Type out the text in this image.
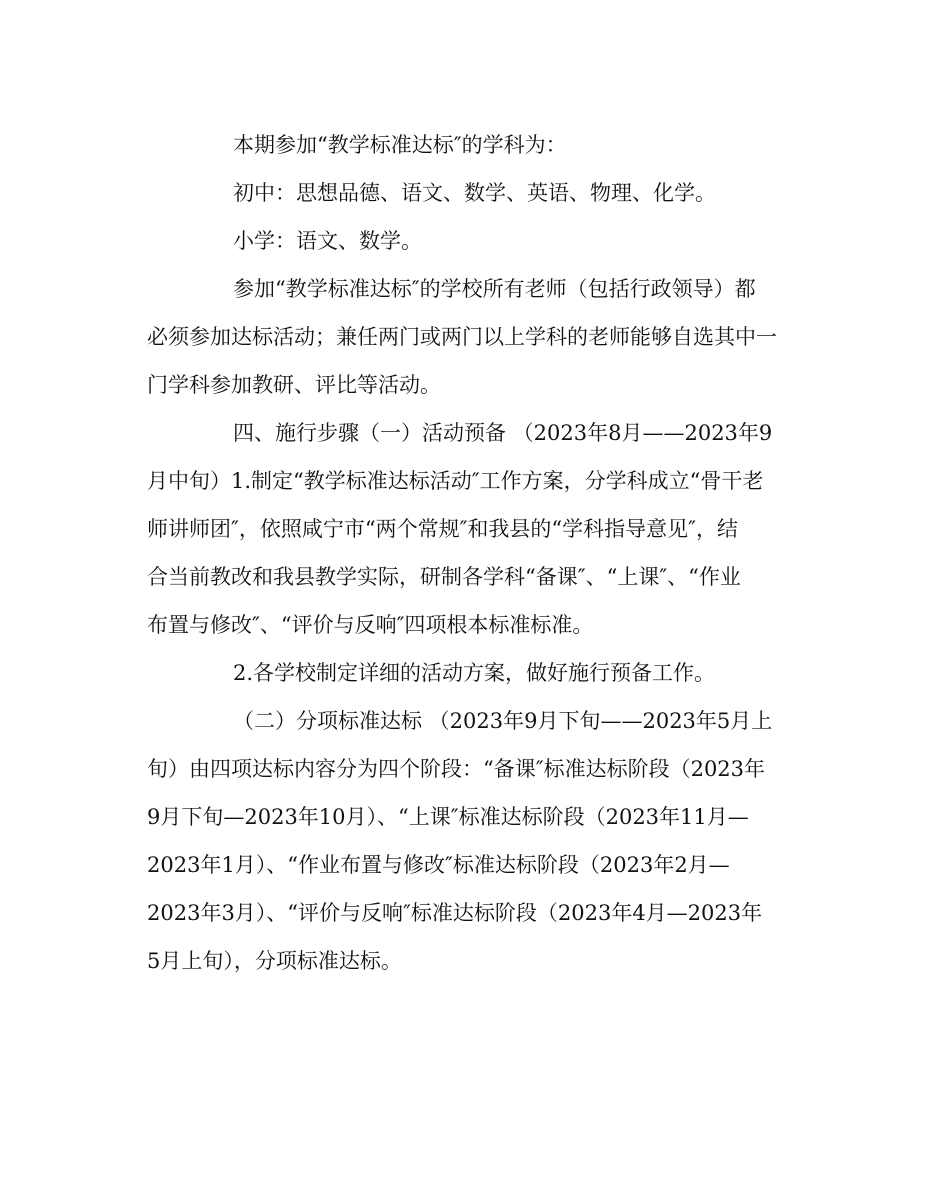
本期参加“教学标准达标″的学科为：
初中：思想品德、语文、数学、英语、物理、化学。
小学：语文、数学。
参加“教学标准达标″的学校所有老师（包括行政领导）都
必须参加达标活动；兼任两门或两门以上学科的老师能够自选其中一
门学科参加教研、评比等活动。
四、施行步骤（一）活动预备 （2023年8月——2023年9
月中旬）1.制定“教学标准达标活动″工作方案，分学科成立“骨干老
师讲师团″，依照咸宁市“两个常规″和我县的“学科指导意见″，结
合当前教改和我县教学实际，研制各学科“备课″、“上课″、“作业
布置与修改″、“评价与反响″四项根本标准标准。
2.各学校制定详细的活动方案，做好施行预备工作。
（二）分项标准达标 （2023年9月下旬——2023年5月上
旬）由四项达标内容分为四个阶段：“备课″标准达标阶段（2023年
9月下旬—2023年10月）、“上课″标准达标阶段（2023年11月—
2023年1月）、“作业布置与修改″标准达标阶段（2023年2月—
2023年3月）、“评价与反响″标准达标阶段（2023年4月—2023年
5月上旬），分项标准达标。
